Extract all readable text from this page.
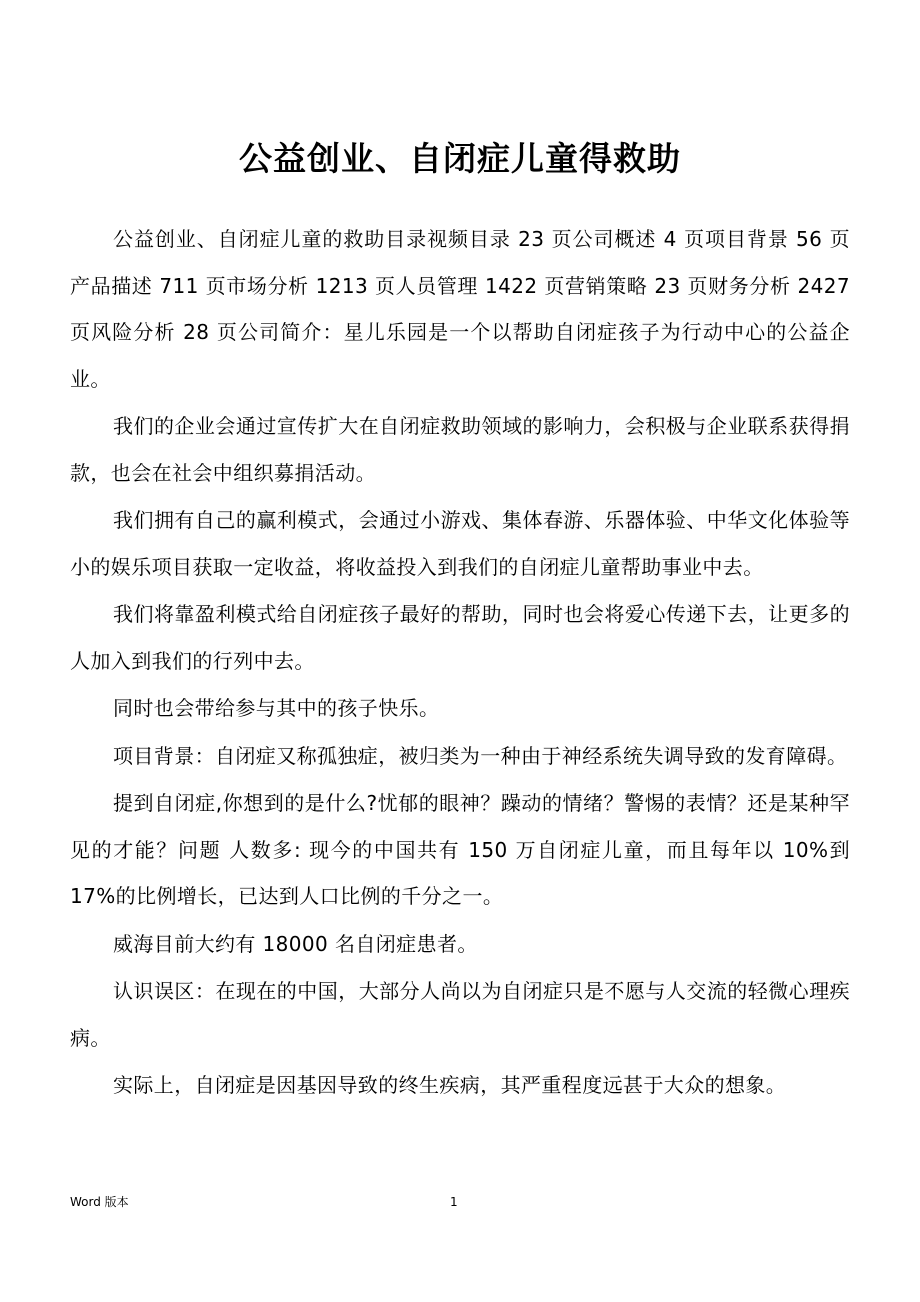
公益创业、自闭症儿童得救助

公益创业、自闭症儿童的救助目录视频目录 23 页公司概述 4 页项目背景 56 页产品描述 711 页市场分析 1213 页人员管理 1422 页营销策略 23 页财务分析 2427 页风险分析 28 页公司简介：星儿乐园是一个以帮助自闭症孩子为行动中心的公益企业。

我们的企业会通过宣传扩大在自闭症救助领域的影响力，会积极与企业联系获得捐款，也会在社会中组织募捐活动。

我们拥有自己的赢利模式，会通过小游戏、集体春游、乐器体验、中华文化体验等小的娱乐项目获取一定收益，将收益投入到我们的自闭症儿童帮助事业中去。

我们将靠盈利模式给自闭症孩子最好的帮助，同时也会将爱心传递下去，让更多的人加入到我们的行列中去。

同时也会带给参与其中的孩子快乐。

项目背景：自闭症又称孤独症，被归类为一种由于神经系统失调导致的发育障碍。

提到自闭症,你想到的是什么?忧郁的眼神？躁动的情绪？警惕的表情？还是某种罕见的才能？问题 人数多: 现今的中国共有 150 万自闭症儿童，而且每年以 10%到 17%的比例增长，已达到人口比例的千分之一。

威海目前大约有 18000 名自闭症患者。

认识误区：在现在的中国，大部分人尚以为自闭症只是不愿与人交流的轻微心理疾病。

实际上，自闭症是因基因导致的终生疾病，其严重程度远甚于大众的想象。

Word 版本	1
